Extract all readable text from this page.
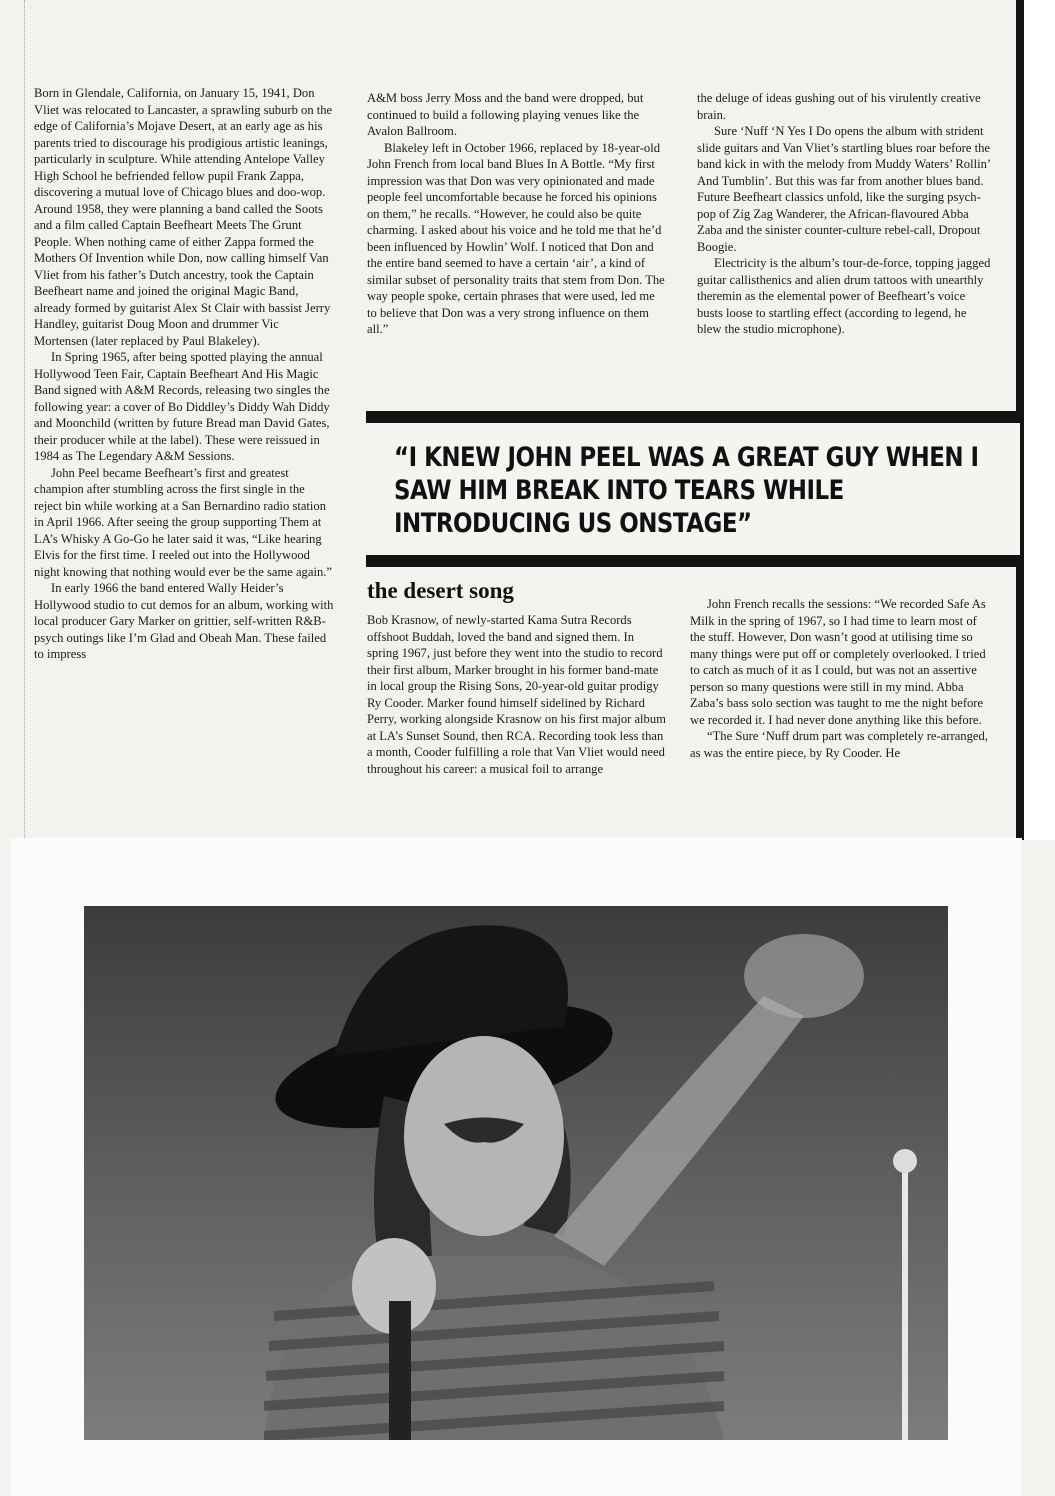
Born in Glendale, California, on January 15, 1941, Don Vliet was relocated to Lancaster, a sprawling suburb on the edge of California’s Mojave Desert, at an early age as his parents tried to discourage his prodigious artistic leanings, particularly in sculpture. While attending Antelope Valley High School he befriended fellow pupil Frank Zappa, discovering a mutual love of Chicago blues and doo-wop. Around 1958, they were planning a band called the Soots and a film called Captain Beefheart Meets The Grunt People. When nothing came of either Zappa formed the Mothers Of Invention while Don, now calling himself Van Vliet from his father’s Dutch ancestry, took the Captain Beefheart name and joined the original Magic Band, already formed by guitarist Alex St Clair with bassist Jerry Handley, guitarist Doug Moon and drummer Vic Mortensen (later replaced by Paul Blakeley).

In Spring 1965, after being spotted playing the annual Hollywood Teen Fair, Captain Beefheart And His Magic Band signed with A&M Records, releasing two singles the following year: a cover of Bo Diddley’s Diddy Wah Diddy and Moonchild (written by future Bread man David Gates, their producer while at the label). These were reissued in 1984 as The Legendary A&M Sessions.

John Peel became Beefheart’s first and greatest champion after stumbling across the first single in the reject bin while working at a San Bernardino radio station in April 1966. After seeing the group supporting Them at LA’s Whisky A Go-Go he later said it was, “Like hearing Elvis for the first time. I reeled out into the Hollywood night knowing that nothing would ever be the same again.”

In early 1966 the band entered Wally Heider’s Hollywood studio to cut demos for an album, working with local producer Gary Marker on grittier, self-written R&B-psych outings like I’m Glad and Obeah Man. These failed to impress

A&M boss Jerry Moss and the band were dropped, but continued to build a following playing venues like the Avalon Ballroom.

Blakeley left in October 1966, replaced by 18-year-old John French from local band Blues In A Bottle. “My first impression was that Don was very opinionated and made people feel uncomfortable because he forced his opinions on them,” he recalls. “However, he could also be quite charming. I asked about his voice and he told me that he’d been influenced by Howlin’ Wolf. I noticed that Don and the entire band seemed to have a certain ‘air’, a kind of similar subset of personality traits that stem from Don. The way people spoke, certain phrases that were used, led me to believe that Don was a very strong influence on them all.”

the deluge of ideas gushing out of his virulently creative brain.

Sure ‘Nuff ‘N Yes I Do opens the album with strident slide guitars and Van Vliet’s startling blues roar before the band kick in with the melody from Muddy Waters’ Rollin’ And Tumblin’. But this was far from another blues band. Future Beefheart classics unfold, like the surging psych-pop of Zig Zag Wanderer, the African-flavoured Abba Zaba and the sinister counter-culture rebel-call, Dropout Boogie.

Electricity is the album’s tour-de-force, topping jagged guitar callisthenics and alien drum tattoos with unearthly theremin as the elemental power of Beefheart’s voice busts loose to startling effect (according to legend, he blew the studio microphone).

“I KNEW JOHN PEEL WAS A GREAT GUY WHEN I SAW HIM BREAK INTO TEARS WHILE INTRODUCING US ONSTAGE”
the desert song

Bob Krasnow, of newly-started Kama Sutra Records offshoot Buddah, loved the band and signed them. In spring 1967, just before they went into the studio to record their first album, Marker brought in his former band-mate in local group the Rising Sons, 20-year-old guitar prodigy Ry Cooder. Marker found himself sidelined by Richard Perry, working alongside Krasnow on his first major album at LA’s Sunset Sound, then RCA. Recording took less than a month, Cooder fulfilling a role that Van Vliet would need throughout his career: a musical foil to arrange

John French recalls the sessions: “We recorded Safe As Milk in the spring of 1967, so I had time to learn most of the stuff. However, Don wasn’t good at utilising time so many things were put off or completely overlooked. I tried to catch as much of it as I could, but was not an assertive person so many questions were still in my mind. Abba Zaba’s bass solo section was taught to me the night before we recorded it. I had never done anything like this before.

“The Sure ‘Nuff drum part was completely re-arranged, as was the entire piece, by Ry Cooder. He
